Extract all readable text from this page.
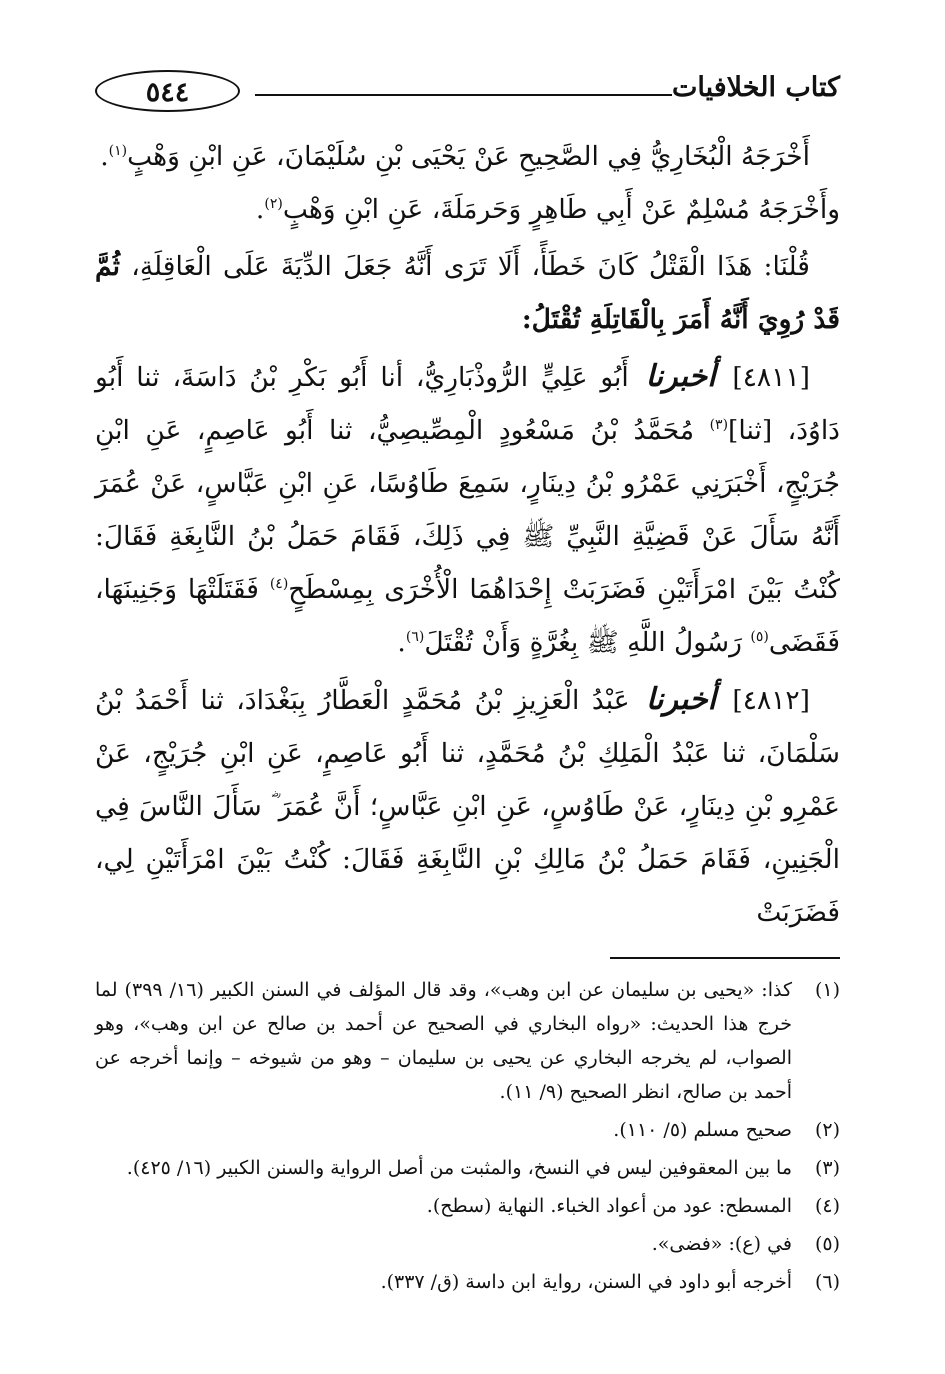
كتاب الخلافيات
٥٤٤

أَخْرَجَهُ الْبُخَارِيُّ فِي الصَّحِيحِ عَنْ يَحْيَى بْنِ سُلَيْمَانَ، عَنِ ابْنِ وَهْبٍ$^{(١)}$.

وأَخْرَجَهُ مُسْلِمٌ عَنْ أَبِي طَاهِرٍ وَحَرمَلَةَ، عَنِ ابْنِ وَهْبٍ$^{(٢)}$.

قُلْنَا: هَذَا الْقَتْلُ كَانَ خَطَأً، أَلَا تَرَى أَنَّهُ جَعَلَ الدِّيَةَ عَلَى الْعَاقِلَةِ، ثُمَّ قَدْ رُوِيَ أَنَّهُ أَمَرَ بِالْقَاتِلَةِ تُقْتَلُ:

[٤٨١١] أخبرنا أَبُو عَلِيٍّ الرُّوذْبَارِيُّ، أنا أَبُو بَكْرِ بْنُ دَاسَةَ، ثنا أَبُو دَاوُدَ، [ثنا]$^{(٣)}$ مُحَمَّدُ بْنُ مَسْعُودٍ الْمِصِّيصِيُّ، ثنا أَبُو عَاصِمٍ، عَنِ ابْنِ جُرَيْجٍ، أَخْبَرَنِي عَمْرُو بْنُ دِينَارٍ، سَمِعَ طَاوُسًا، عَنِ ابْنِ عَبَّاسٍ، عَنْ عُمَرَ أَنَّهُ سَأَلَ عَنْ قَضِيَّةِ النَّبِيِّ ﷺ فِي ذَلِكَ، فَقَامَ حَمَلُ بْنُ النَّابِغَةِ فَقَالَ: كُنْتُ بَيْنَ امْرَأَتَيْنِ فَضَرَبَتْ إِحْدَاهُمَا الْأُخْرَى بِمِسْطَحٍ$^{(٤)}$ فَقَتَلَتْهَا وَجَنِينَهَا، فَقَضَى$^{(٥)}$ رَسُولُ اللَّهِ ﷺ بِغُرَّةٍ وَأَنْ تُقْتَلَ$^{(٦)}$.

[٤٨١٢] أخبرنا عَبْدُ الْعَزِيزِ بْنُ مُحَمَّدٍ الْعَطَّارُ بِبَغْدَادَ، ثنا أَحْمَدُ بْنُ سَلْمَانَ، ثنا عَبْدُ الْمَلِكِ بْنُ مُحَمَّدٍ، ثنا أَبُو عَاصِمٍ، عَنِ ابْنِ جُرَيْجٍ، عَنْ عَمْرِو بْنِ دِينَارٍ، عَنْ طَاوُسٍ، عَنِ ابْنِ عَبَّاسٍ؛ أَنَّ عُمَرَ ؓ سَأَلَ النَّاسَ فِي الْجَنِينِ، فَقَامَ حَمَلُ بْنُ مَالِكِ بْنِ النَّابِغَةِ فَقَالَ: كُنْتُ بَيْنَ امْرَأَتَيْنِ لِي، فَضَرَبَتْ

(١)
كذا: «يحيى بن سليمان عن ابن وهب»، وقد قال المؤلف في السنن الكبير (١٦/ ٣٩٩) لما خرج هذا الحديث: «رواه البخاري في الصحيح عن أحمد بن صالح عن ابن وهب»، وهو الصواب، لم يخرجه البخاري عن يحيى بن سليمان – وهو من شيوخه – وإنما أخرجه عن أحمد بن صالح، انظر الصحيح (٩/ ١١).
(٢)
صحيح مسلم (٥/ ١١٠).
(٣)
ما بين المعقوفين ليس في النسخ، والمثبت من أصل الرواية والسنن الكبير (١٦/ ٤٢٥).
(٤)
المسطح: عود من أعواد الخباء. النهاية (سطح).
(٥)
في (ع): «فضى».
(٦)
أخرجه أبو داود في السنن، رواية ابن داسة (ق/ ٣٣٧).
